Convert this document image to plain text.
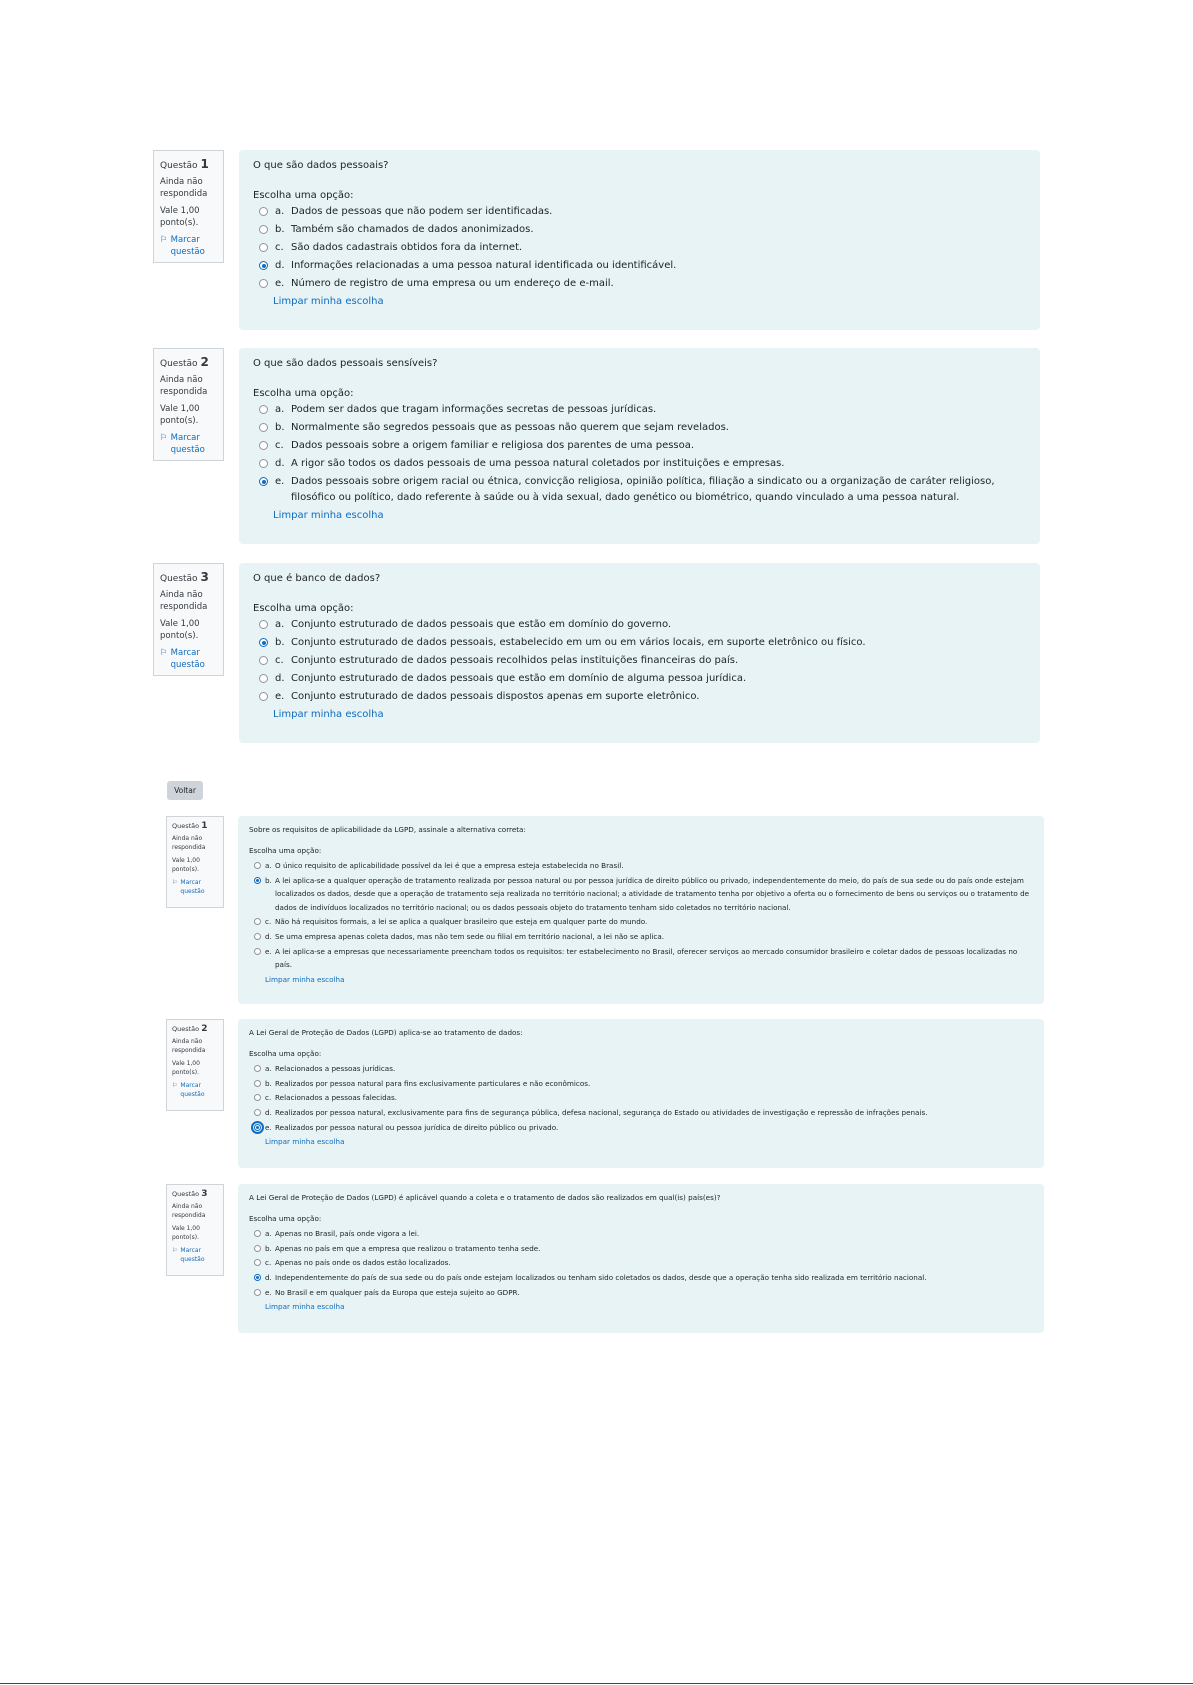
Questão 1
Ainda não respondida
Vale 1,00 ponto(s).
⚐ Marcar questão
O que são dados pessoais?
Escolha uma opção:
a. Dados de pessoas que não podem ser identificadas.
b. Também são chamados de dados anonimizados.
c. São dados cadastrais obtidos fora da internet.
d. Informações relacionadas a uma pessoa natural identificada ou identificável.
e. Número de registro de uma empresa ou um endereço de e-mail.
Limpar minha escolha
Questão 2
Ainda não respondida
Vale 1,00 ponto(s).
⚐ Marcar questão
O que são dados pessoais sensíveis?
Escolha uma opção:
a. Podem ser dados que tragam informações secretas de pessoas jurídicas.
b. Normalmente são segredos pessoais que as pessoas não querem que sejam revelados.
c. Dados pessoais sobre a origem familiar e religiosa dos parentes de uma pessoa.
d. A rigor são todos os dados pessoais de uma pessoa natural coletados por instituições e empresas.
e. Dados pessoais sobre origem racial ou étnica, convicção religiosa, opinião política, filiação a sindicato ou a organização de caráter religioso, filosófico ou político, dado referente à saúde ou à vida sexual, dado genético ou biométrico, quando vinculado a uma pessoa natural.
Limpar minha escolha
Questão 3
Ainda não respondida
Vale 1,00 ponto(s).
⚐ Marcar questão
O que é banco de dados?
Escolha uma opção:
a. Conjunto estruturado de dados pessoais que estão em domínio do governo.
b. Conjunto estruturado de dados pessoais, estabelecido em um ou em vários locais, em suporte eletrônico ou físico.
c. Conjunto estruturado de dados pessoais recolhidos pelas instituições financeiras do país.
d. Conjunto estruturado de dados pessoais que estão em domínio de alguma pessoa jurídica.
e. Conjunto estruturado de dados pessoais dispostos apenas em suporte eletrônico.
Limpar minha escolha
Voltar
Questão 1
Ainda não respondida
Vale 1,00 ponto(s).
⚐ Marcar questão
Sobre os requisitos de aplicabilidade da LGPD, assinale a alternativa correta:
Escolha uma opção:
a. O único requisito de aplicabilidade possível da lei é que a empresa esteja estabelecida no Brasil.
b. A lei aplica-se a qualquer operação de tratamento realizada por pessoa natural ou por pessoa jurídica de direito público ou privado, independentemente do meio, do país de sua sede ou do país onde estejam localizados os dados, desde que a operação de tratamento seja realizada no território nacional; a atividade de tratamento tenha por objetivo a oferta ou o fornecimento de bens ou serviços ou o tratamento de dados de indivíduos localizados no território nacional; ou os dados pessoais objeto do tratamento tenham sido coletados no território nacional.
c. Não há requisitos formais, a lei se aplica a qualquer brasileiro que esteja em qualquer parte do mundo.
d. Se uma empresa apenas coleta dados, mas não tem sede ou filial em território nacional, a lei não se aplica.
e. A lei aplica-se a empresas que necessariamente preencham todos os requisitos: ter estabelecimento no Brasil, oferecer serviços ao mercado consumidor brasileiro e coletar dados de pessoas localizadas no país.
Limpar minha escolha
Questão 2
Ainda não respondida
Vale 1,00 ponto(s).
⚐ Marcar questão
A Lei Geral de Proteção de Dados (LGPD) aplica-se ao tratamento de dados:
Escolha uma opção:
a. Relacionados a pessoas jurídicas.
b. Realizados por pessoa natural para fins exclusivamente particulares e não econômicos.
c. Relacionados a pessoas falecidas.
d. Realizados por pessoa natural, exclusivamente para fins de segurança pública, defesa nacional, segurança do Estado ou atividades de investigação e repressão de infrações penais.
e. Realizados por pessoa natural ou pessoa jurídica de direito público ou privado.
Limpar minha escolha
Questão 3
Ainda não respondida
Vale 1,00 ponto(s).
⚐ Marcar questão
A Lei Geral de Proteção de Dados (LGPD) é aplicável quando a coleta e o tratamento de dados são realizados em qual(is) país(es)?
Escolha uma opção:
a. Apenas no Brasil, país onde vigora a lei.
b. Apenas no país em que a empresa que realizou o tratamento tenha sede.
c. Apenas no país onde os dados estão localizados.
d. Independentemente do país de sua sede ou do país onde estejam localizados ou tenham sido coletados os dados, desde que a operação tenha sido realizada em território nacional.
e. No Brasil e em qualquer país da Europa que esteja sujeito ao GDPR.
Limpar minha escolha
